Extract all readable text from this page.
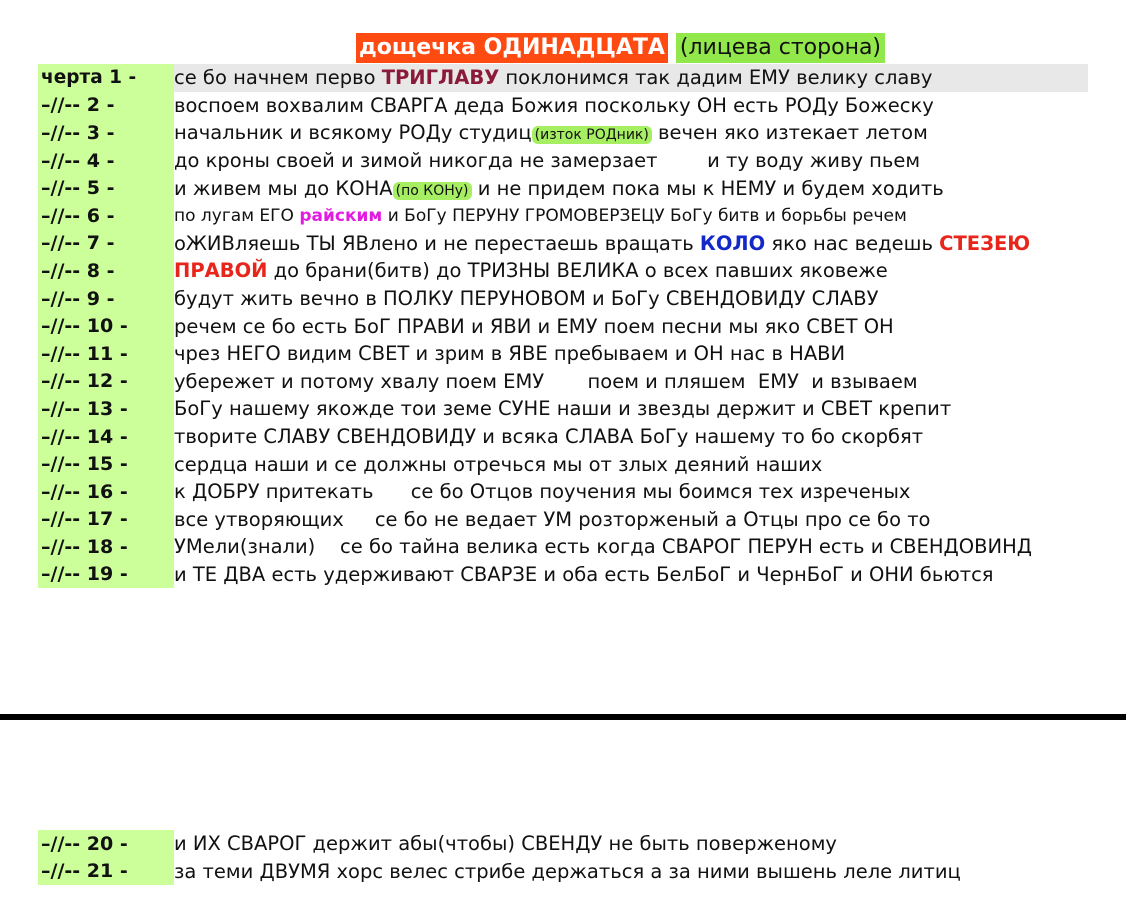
дощечка ОДИНАДЦАТА (лицева сторона)
черта 1 -	се бо начнем перво ТРИГЛАВУ поклонимся так дадим ЕМУ велику славу
–//-- 2 -	воспоем вохвалим СВАРГА деда Божия поскольку ОН есть РОДу Божеску
–//-- 3 -	начальник и всякому РОДу студиц (изток РОДник) вечен яко изтекает летом
–//-- 4 -	до кроны своей и зимой никогда не замерзает        и ту воду живу пьем
–//-- 5 -	и живем мы до КОНА (по КОНу) и не придем пока мы к НЕМУ и будем ходить
–//-- 6 -	по лугам ЕГО райским и БоГу ПЕРУНУ ГРОМОВЕРЗЕЦУ БоГу битв и борьбы речем
–//-- 7 -	оЖИВляешь ТЫ ЯВлено и не перестаешь вращать КОЛО яко нас ведешь СТЕЗЕЮ
–//-- 8 -	ПРАВОЙ до брани(битв) до ТРИЗНЫ ВЕЛИКА о всех павших яковеже
–//-- 9 -	будут жить вечно в ПОЛКУ ПЕРУНОВОМ и БоГу СВЕНДОВИДУ СЛАВУ
–//-- 10 -	речем се бо есть БоГ ПРАВИ и ЯВИ и ЕМУ поем песни мы яко СВЕТ ОН
–//-- 11 -	чрез НЕГО видим СВЕТ и зрим в ЯВЕ пребываем и ОН нас в НАВИ
–//-- 12 -	убережет и потому хвалу поем ЕМУ       поем и пляшем  ЕМУ  и взываем
–//-- 13 -	БоГу нашему якожде тои земе СУНЕ наши и звезды держит и СВЕТ крепит
–//-- 14 -	творите СЛАВУ СВЕНДОВИДУ и всяка СЛАВА БоГу нашему то бо скорбят
–//-- 15 -	сердца наши и се должны отречься мы от злых деяний наших
–//-- 16 -	к ДОБРУ притекать      се бо Отцов поучения мы боимся тех изреченых
–//-- 17 -	все утворяющих     се бо не ведает УМ розторженый а Отцы про се бо то
–//-- 18 -	УМели(знали)    се бо тайна велика есть когда СВАРОГ ПЕРУН есть и СВЕНДОВИНД
–//-- 19 -	и ТЕ ДВА есть удерживают СВАРЗЕ и оба есть БелБоГ и ЧернБоГ и ОНИ бьются
–//-- 20 -	и ИХ СВАРОГ держит абы(чтобы) СВЕНДУ не быть поверженому
–//-- 21 -	за теми ДВУМЯ хорс велес стрибе держаться а за ними вышень леле литиц
